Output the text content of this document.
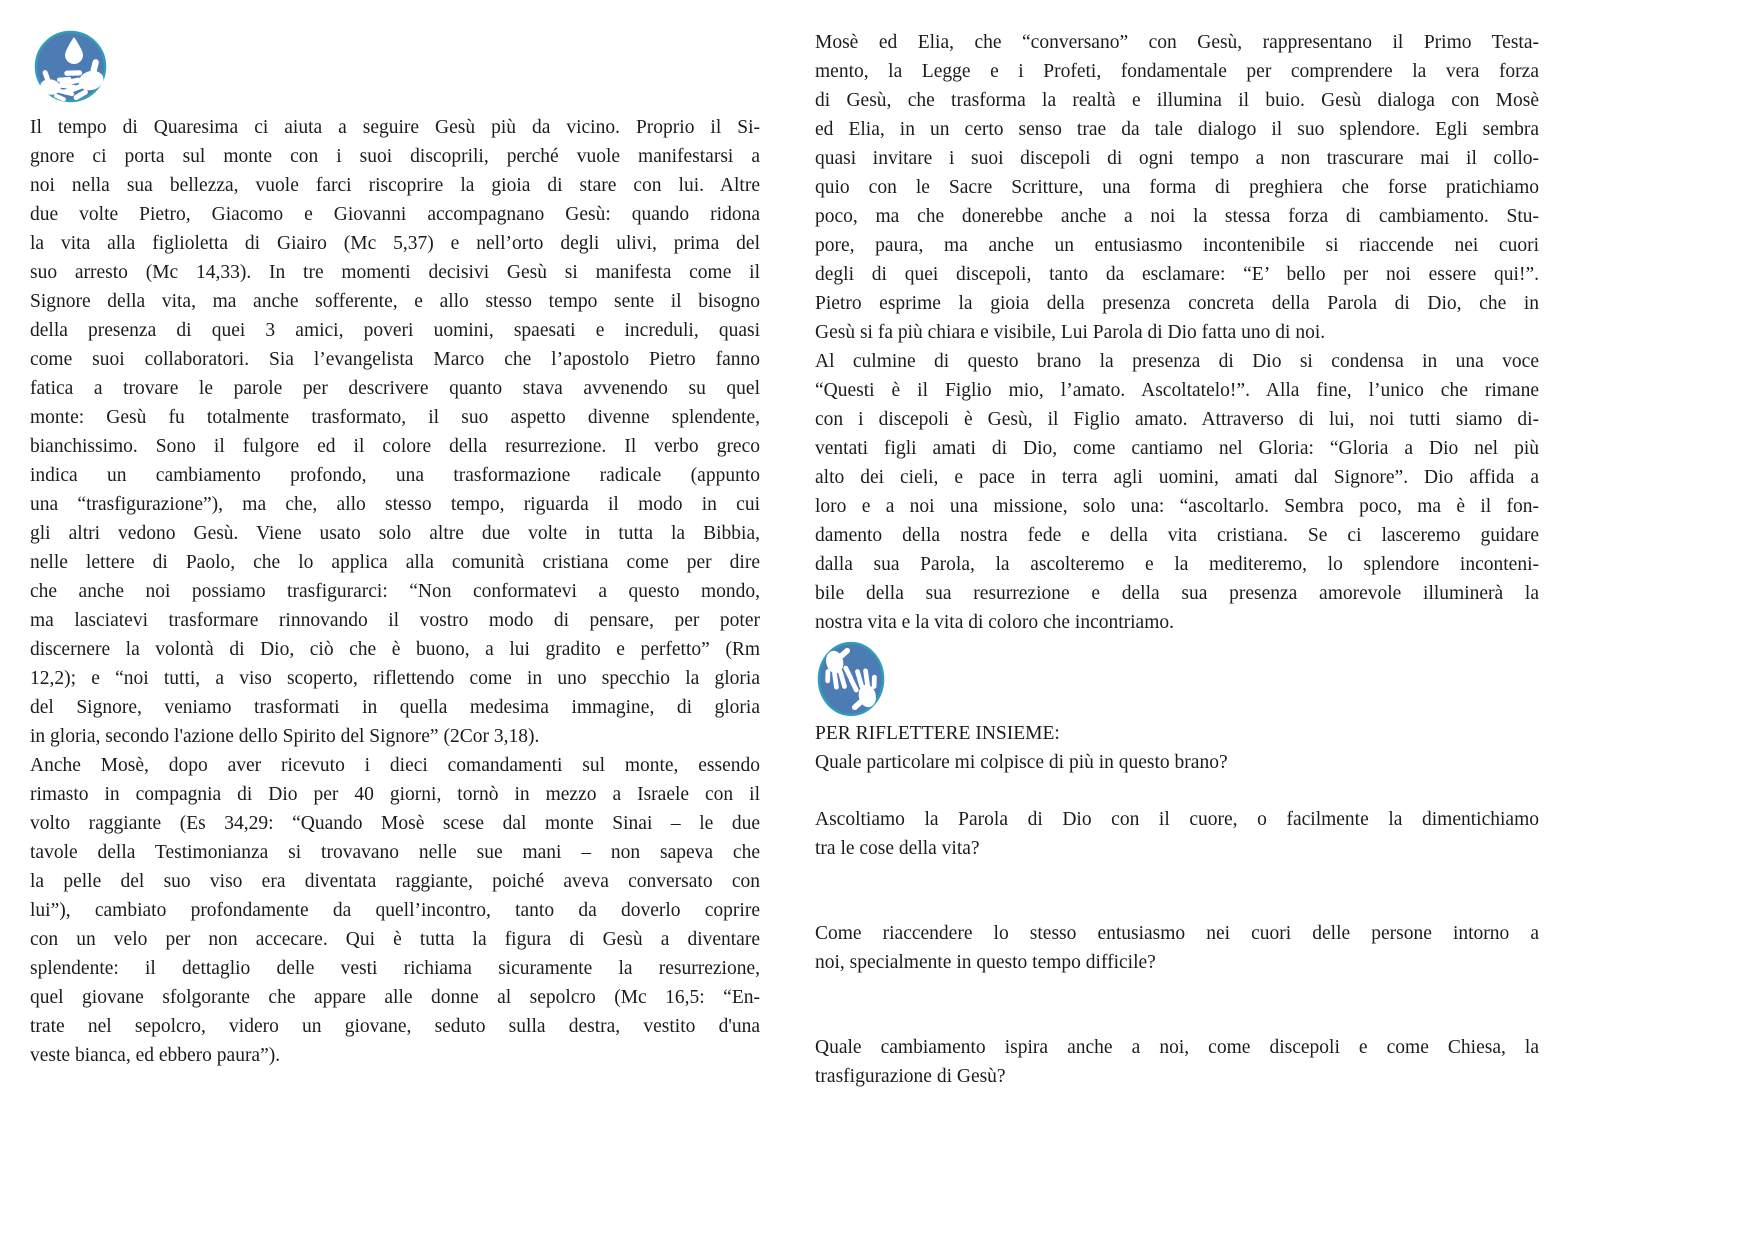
Il tempo di Quaresima ci aiuta a seguire Gesù più da vicino. Proprio il Si-
gnore ci porta sul monte con i suoi discoprili, perché vuole manifestarsi a
noi nella sua bellezza, vuole farci riscoprire la gioia di stare con lui. Altre
due volte Pietro, Giacomo e Giovanni accompagnano Gesù: quando ridona
la vita alla figlioletta di Giairo (Mc 5,37) e nell’orto degli ulivi, prima del
suo arresto (Mc 14,33). In tre momenti decisivi Gesù si manifesta come il
Signore della vita, ma anche sofferente, e allo stesso tempo sente il bisogno
della presenza di quei 3 amici, poveri uomini, spaesati e increduli, quasi
come suoi collaboratori. Sia l’evangelista Marco che l’apostolo Pietro fanno
fatica a trovare le parole per descrivere quanto stava avvenendo su quel
monte: Gesù fu totalmente trasformato, il suo aspetto divenne splendente,
bianchissimo. Sono il fulgore ed il colore della resurrezione. Il verbo greco
indica un cambiamento profondo, una trasformazione radicale (appunto
una “trasfigurazione”), ma che, allo stesso tempo, riguarda il modo in cui
gli altri vedono Gesù. Viene usato solo altre due volte in tutta la Bibbia,
nelle lettere di Paolo, che lo applica alla comunità cristiana come per dire
che anche noi possiamo trasfigurarci: “Non conformatevi a questo mondo,
ma lasciatevi trasformare rinnovando il vostro modo di pensare, per poter
discernere la volontà di Dio, ciò che è buono, a lui gradito e perfetto” (Rm
12,2); e “noi tutti, a viso scoperto, riflettendo come in uno specchio la gloria
del Signore, veniamo trasformati in quella medesima immagine, di gloria
in gloria, secondo l'azione dello Spirito del Signore” (2Cor 3,18).
Anche Mosè, dopo aver ricevuto i dieci comandamenti sul monte, essendo
rimasto in compagnia di Dio per 40 giorni, tornò in mezzo a Israele con il
volto raggiante (Es 34,29: “Quando Mosè scese dal monte Sinai – le due
tavole della Testimonianza si trovavano nelle sue mani – non sapeva che
la pelle del suo viso era diventata raggiante, poiché aveva conversato con
lui”), cambiato profondamente da quell’incontro, tanto da doverlo coprire
con un velo per non accecare. Qui è tutta la figura di Gesù a diventare
splendente: il dettaglio delle vesti richiama sicuramente la resurrezione,
quel giovane sfolgorante che appare alle donne al sepolcro (Mc 16,5: “En-
trate nel sepolcro, videro un giovane, seduto sulla destra, vestito d'una
veste bianca, ed ebbero paura”).
Mosè ed Elia, che “conversano” con Gesù, rappresentano il Primo Testa-
mento, la Legge e i Profeti, fondamentale per comprendere la vera forza
di Gesù, che trasforma la realtà e illumina il buio. Gesù dialoga con Mosè
ed Elia, in un certo senso trae da tale dialogo il suo splendore. Egli sembra
quasi invitare i suoi discepoli di ogni tempo a non trascurare mai il collo-
quio con le Sacre Scritture, una forma di preghiera che forse pratichiamo
poco, ma che donerebbe anche a noi la stessa forza di cambiamento. Stu-
pore, paura, ma anche un entusiasmo incontenibile si riaccende nei cuori
degli di quei discepoli, tanto da esclamare: “E’ bello per noi essere qui!”.
Pietro esprime la gioia della presenza concreta della Parola di Dio, che in
Gesù si fa più chiara e visibile, Lui Parola di Dio fatta uno di noi.
Al culmine di questo brano la presenza di Dio si condensa in una voce
“Questi è il Figlio mio, l’amato. Ascoltatelo!”. Alla fine, l’unico che rimane
con i discepoli è Gesù, il Figlio amato. Attraverso di lui, noi tutti siamo di-
ventati figli amati di Dio, come cantiamo nel Gloria: “Gloria a Dio nel più
alto dei cieli, e pace in terra agli uomini, amati dal Signore”. Dio affida a
loro e a noi una missione, solo una: “ascoltarlo. Sembra poco, ma è il fon-
damento della nostra fede e della vita cristiana. Se ci lasceremo guidare
dalla sua Parola, la ascolteremo e la mediteremo, lo splendore inconteni-
bile della sua resurrezione e della sua presenza amorevole illuminerà la
nostra vita e la vita di coloro che incontriamo.
PER RIFLETTERE INSIEME:
Quale particolare mi colpisce di più in questo brano?
Ascoltiamo la Parola di Dio con il cuore, o facilmente la dimentichiamo
tra le cose della vita?
Come riaccendere lo stesso entusiasmo nei cuori delle persone intorno a
noi, specialmente in questo tempo difficile?
Quale cambiamento ispira anche a noi, come discepoli e come Chiesa, la
trasfigurazione di Gesù?
